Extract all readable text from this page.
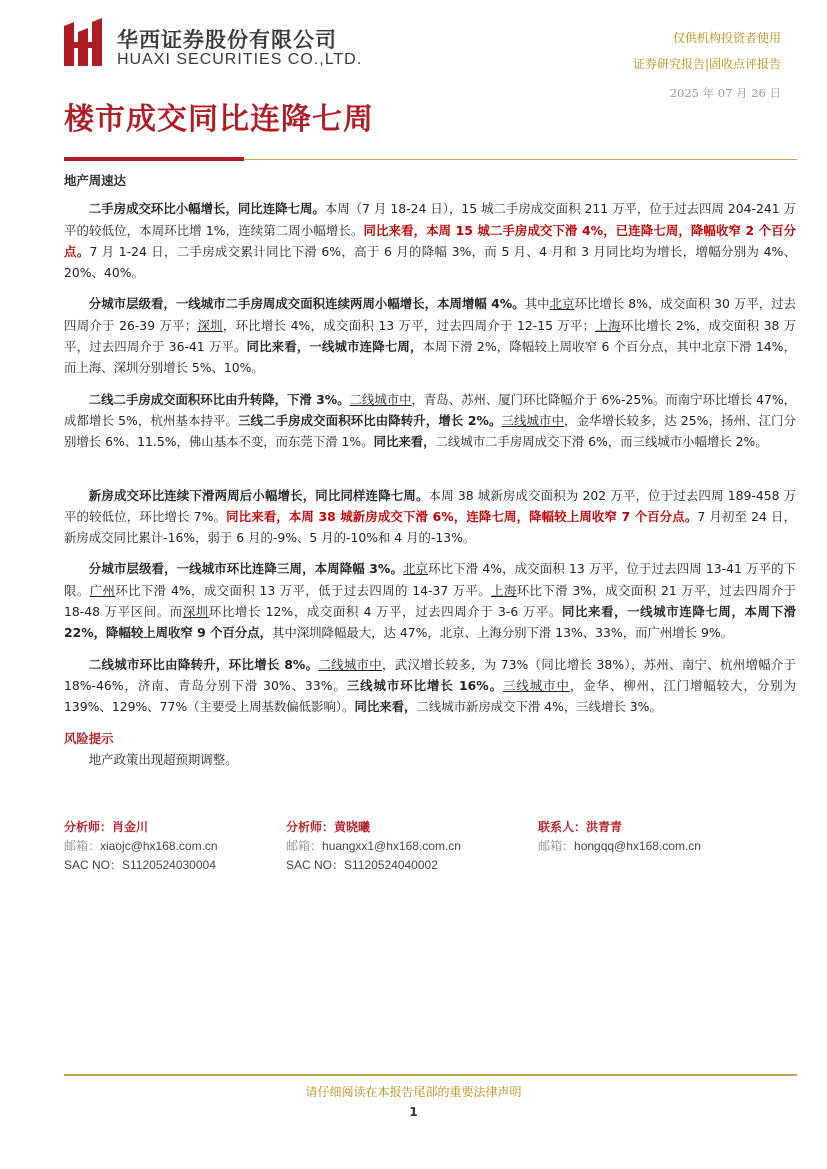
华西证券股份有限公司
HUAXI SECURITIES CO.,LTD.
仅供机构投资者使用
证券研究报告|固收点评报告
2025 年 07 月 26 日
楼市成交同比连降七周
地产周速达

二手房成交环比小幅增长，同比连降七周。本周（7 月 18-24 日），15 城二手房成交面积 211 万平，位于过去四周 204-241 万平的较低位，本周环比增 1%，连续第二周小幅增长。同比来看，本周 15 城二手房成交下滑 4%，已连降七周，降幅收窄 2 个百分点。7 月 1-24 日，二手房成交累计同比下滑 6%，高于 6 月的降幅 3%，而 5 月、4 月和 3 月同比均为增长，增幅分别为 4%、20%、40%。

分城市层级看，一线城市二手房周成交面积连续两周小幅增长，本周增幅 4%。其中北京环比增长 8%，成交面积 30 万平，过去四周介于 26-39 万平；深圳，环比增长 4%，成交面积 13 万平，过去四周介于 12-15 万平；上海环比增长 2%，成交面积 38 万平，过去四周介于 36-41 万平。同比来看，一线城市连降七周，本周下滑 2%，降幅较上周收窄 6 个百分点，其中北京下滑 14%，而上海、深圳分别增长 5%、10%。

二线二手房成交面积环比由升转降，下滑 3%。二线城市中，青岛、苏州、厦门环比降幅介于 6%-25%。而南宁环比增长 47%，成都增长 5%，杭州基本持平。三线二手房成交面积环比由降转升，增长 2%。三线城市中，金华增长较多，达 25%，扬州、江门分别增长 6%、11.5%，佛山基本不变，而东莞下滑 1%。同比来看，二线城市二手房周成交下滑 6%，而三线城市小幅增长 2%。

新房成交环比连续下滑两周后小幅增长，同比同样连降七周。本周 38 城新房成交面积为 202 万平，位于过去四周 189-458 万平的较低位，环比增长 7%。同比来看，本周 38 城新房成交下滑 6%，连降七周，降幅较上周收窄 7 个百分点。7 月初至 24 日，新房成交同比累计-16%，弱于 6 月的-9%、5 月的-10%和 4 月的-13%。

分城市层级看，一线城市环比连降三周，本周降幅 3%。北京环比下滑 4%，成交面积 13 万平，位于过去四周 13-41 万平的下限。广州环比下滑 4%，成交面积 13 万平，低于过去四周的 14-37 万平。上海环比下滑 3%，成交面积 21 万平，过去四周介于 18-48 万平区间。而深圳环比增长 12%，成交面积 4 万平，过去四周介于 3-6 万平。同比来看，一线城市连降七周，本周下滑 22%，降幅较上周收窄 9 个百分点，其中深圳降幅最大，达 47%，北京、上海分别下滑 13%、33%，而广州增长 9%。

二线城市环比由降转升，环比增长 8%。二线城市中，武汉增长较多，为 73%（同比增长 38%），苏州、南宁、杭州增幅介于 18%-46%，济南、青岛分别下滑 30%、33%。三线城市环比增长 16%。三线城市中，金华、柳州、江门增幅较大，分别为 139%、129%、77%（主要受上周基数偏低影响）。同比来看，二线城市新房成交下滑 4%，三线增长 3%。

风险提示
地产政策出现超预期调整。
分析师：肖金川
邮箱：xiaojc@hx168.com.cn
SAC NO：S1120524030004
分析师：黄晓曦
邮箱：huangxx1@hx168.com.cn
SAC NO：S1120524040002
联系人：洪青青
邮箱：hongqq@hx168.com.cn
请仔细阅读在本报告尾部的重要法律声明
1
